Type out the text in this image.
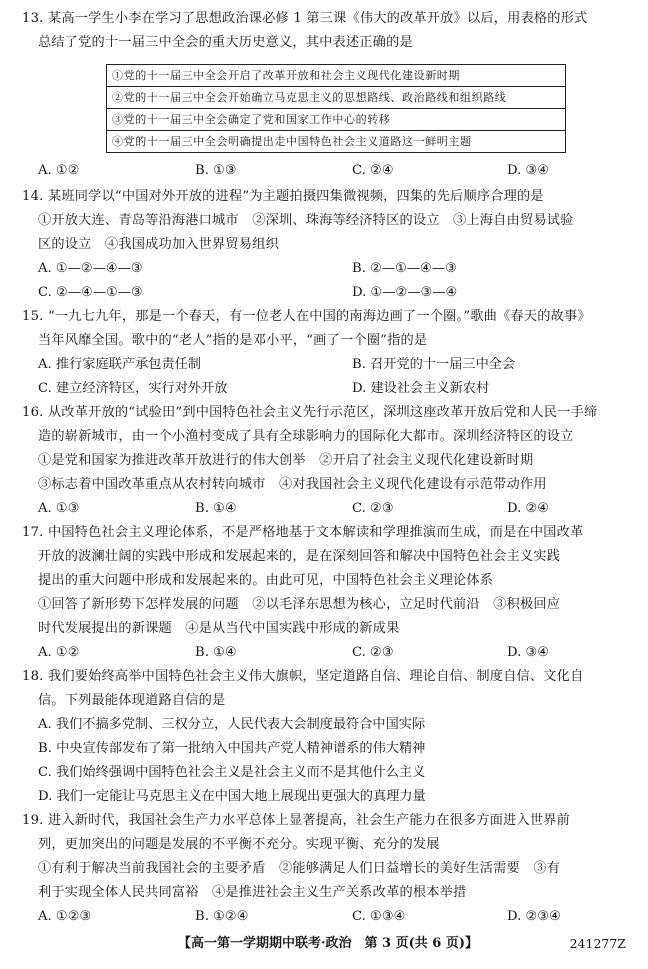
13. 某高一学生小李在学习了思想政治课必修 1 第三课《伟大的改革开放》以后，用表格的形式
总结了党的十一届三中全会的重大历史意义，其中表述正确的是
①党的十一届三中全会开启了改革开放和社会主义现代化建设新时期
②党的十一届三中全会开始确立马克思主义的思想路线、政治路线和组织路线
③党的十一届三中全会确定了党和国家工作中心的转移
④党的十一届三中全会明确提出走中国特色社会主义道路这一鲜明主题
A. ①②	B. ①③	C. ②④	D. ③④
14. 某班同学以“中国对外开放的进程”为主题拍摄四集微视频，四集的先后顺序合理的是
①开放大连、青岛等沿海港口城市　②深圳、珠海等经济特区的设立　③上海自由贸易试验
区的设立　④我国成功加入世界贸易组织
A. ①—②—④—③	B. ②—①—④—③
C. ②—④—①—③	D. ①—②—③—④
15. “一九七九年，那是一个春天，有一位老人在中国的南海边画了一个圈。”歌曲《春天的故事》
当年风靡全国。歌中的“老人”指的是邓小平，“画了一个圈”指的是
A. 推行家庭联产承包责任制	B. 召开党的十一届三中全会
C. 建立经济特区，实行对外开放	D. 建设社会主义新农村
16. 从改革开放的“试验田”到中国特色社会主义先行示范区，深圳这座改革开放后党和人民一手缔
造的崭新城市，由一个小渔村变成了具有全球影响力的国际化大都市。深圳经济特区的设立
①是党和国家为推进改革开放进行的伟大创举　②开启了社会主义现代化建设新时期
③标志着中国改革重点从农村转向城市　④对我国社会主义现代化建设有示范带动作用
A. ①③	B. ①④	C. ②③	D. ②④
17. 中国特色社会主义理论体系，不是严格地基于文本解读和学理推演而生成，而是在中国改革
开放的波澜壮阔的实践中形成和发展起来的，是在深刻回答和解决中国特色社会主义实践
提出的重大问题中形成和发展起来的。由此可见，中国特色社会主义理论体系
①回答了新形势下怎样发展的问题　②以毛泽东思想为核心，立足时代前沿　③积极回应
时代发展提出的新课题　④是从当代中国实践中形成的新成果
A. ①②	B. ①④	C. ②③	D. ③④
18. 我们要始终高举中国特色社会主义伟大旗帜，坚定道路自信、理论自信、制度自信、文化自
信。下列最能体现道路自信的是
A. 我们不搞多党制、三权分立，人民代表大会制度最符合中国实际
B. 中央宣传部发布了第一批纳入中国共产党人精神谱系的伟大精神
C. 我们始终强调中国特色社会主义是社会主义而不是其他什么主义
D. 我们一定能让马克思主义在中国大地上展现出更强大的真理力量
19. 进入新时代，我国社会生产力水平总体上显著提高，社会生产能力在很多方面进入世界前
列，更加突出的问题是发展的不平衡不充分。实现平衡、充分的发展
①有利于解决当前我国社会的主要矛盾　②能够满足人们日益增长的美好生活需要　③有
利于实现全体人民共同富裕　④是推进社会主义生产关系改革的根本举措
A. ①②③	B. ①②④	C. ①③④	D. ②③④
【高一第一学期期中联考·政治　第 3 页(共 6 页)】	241277Z
